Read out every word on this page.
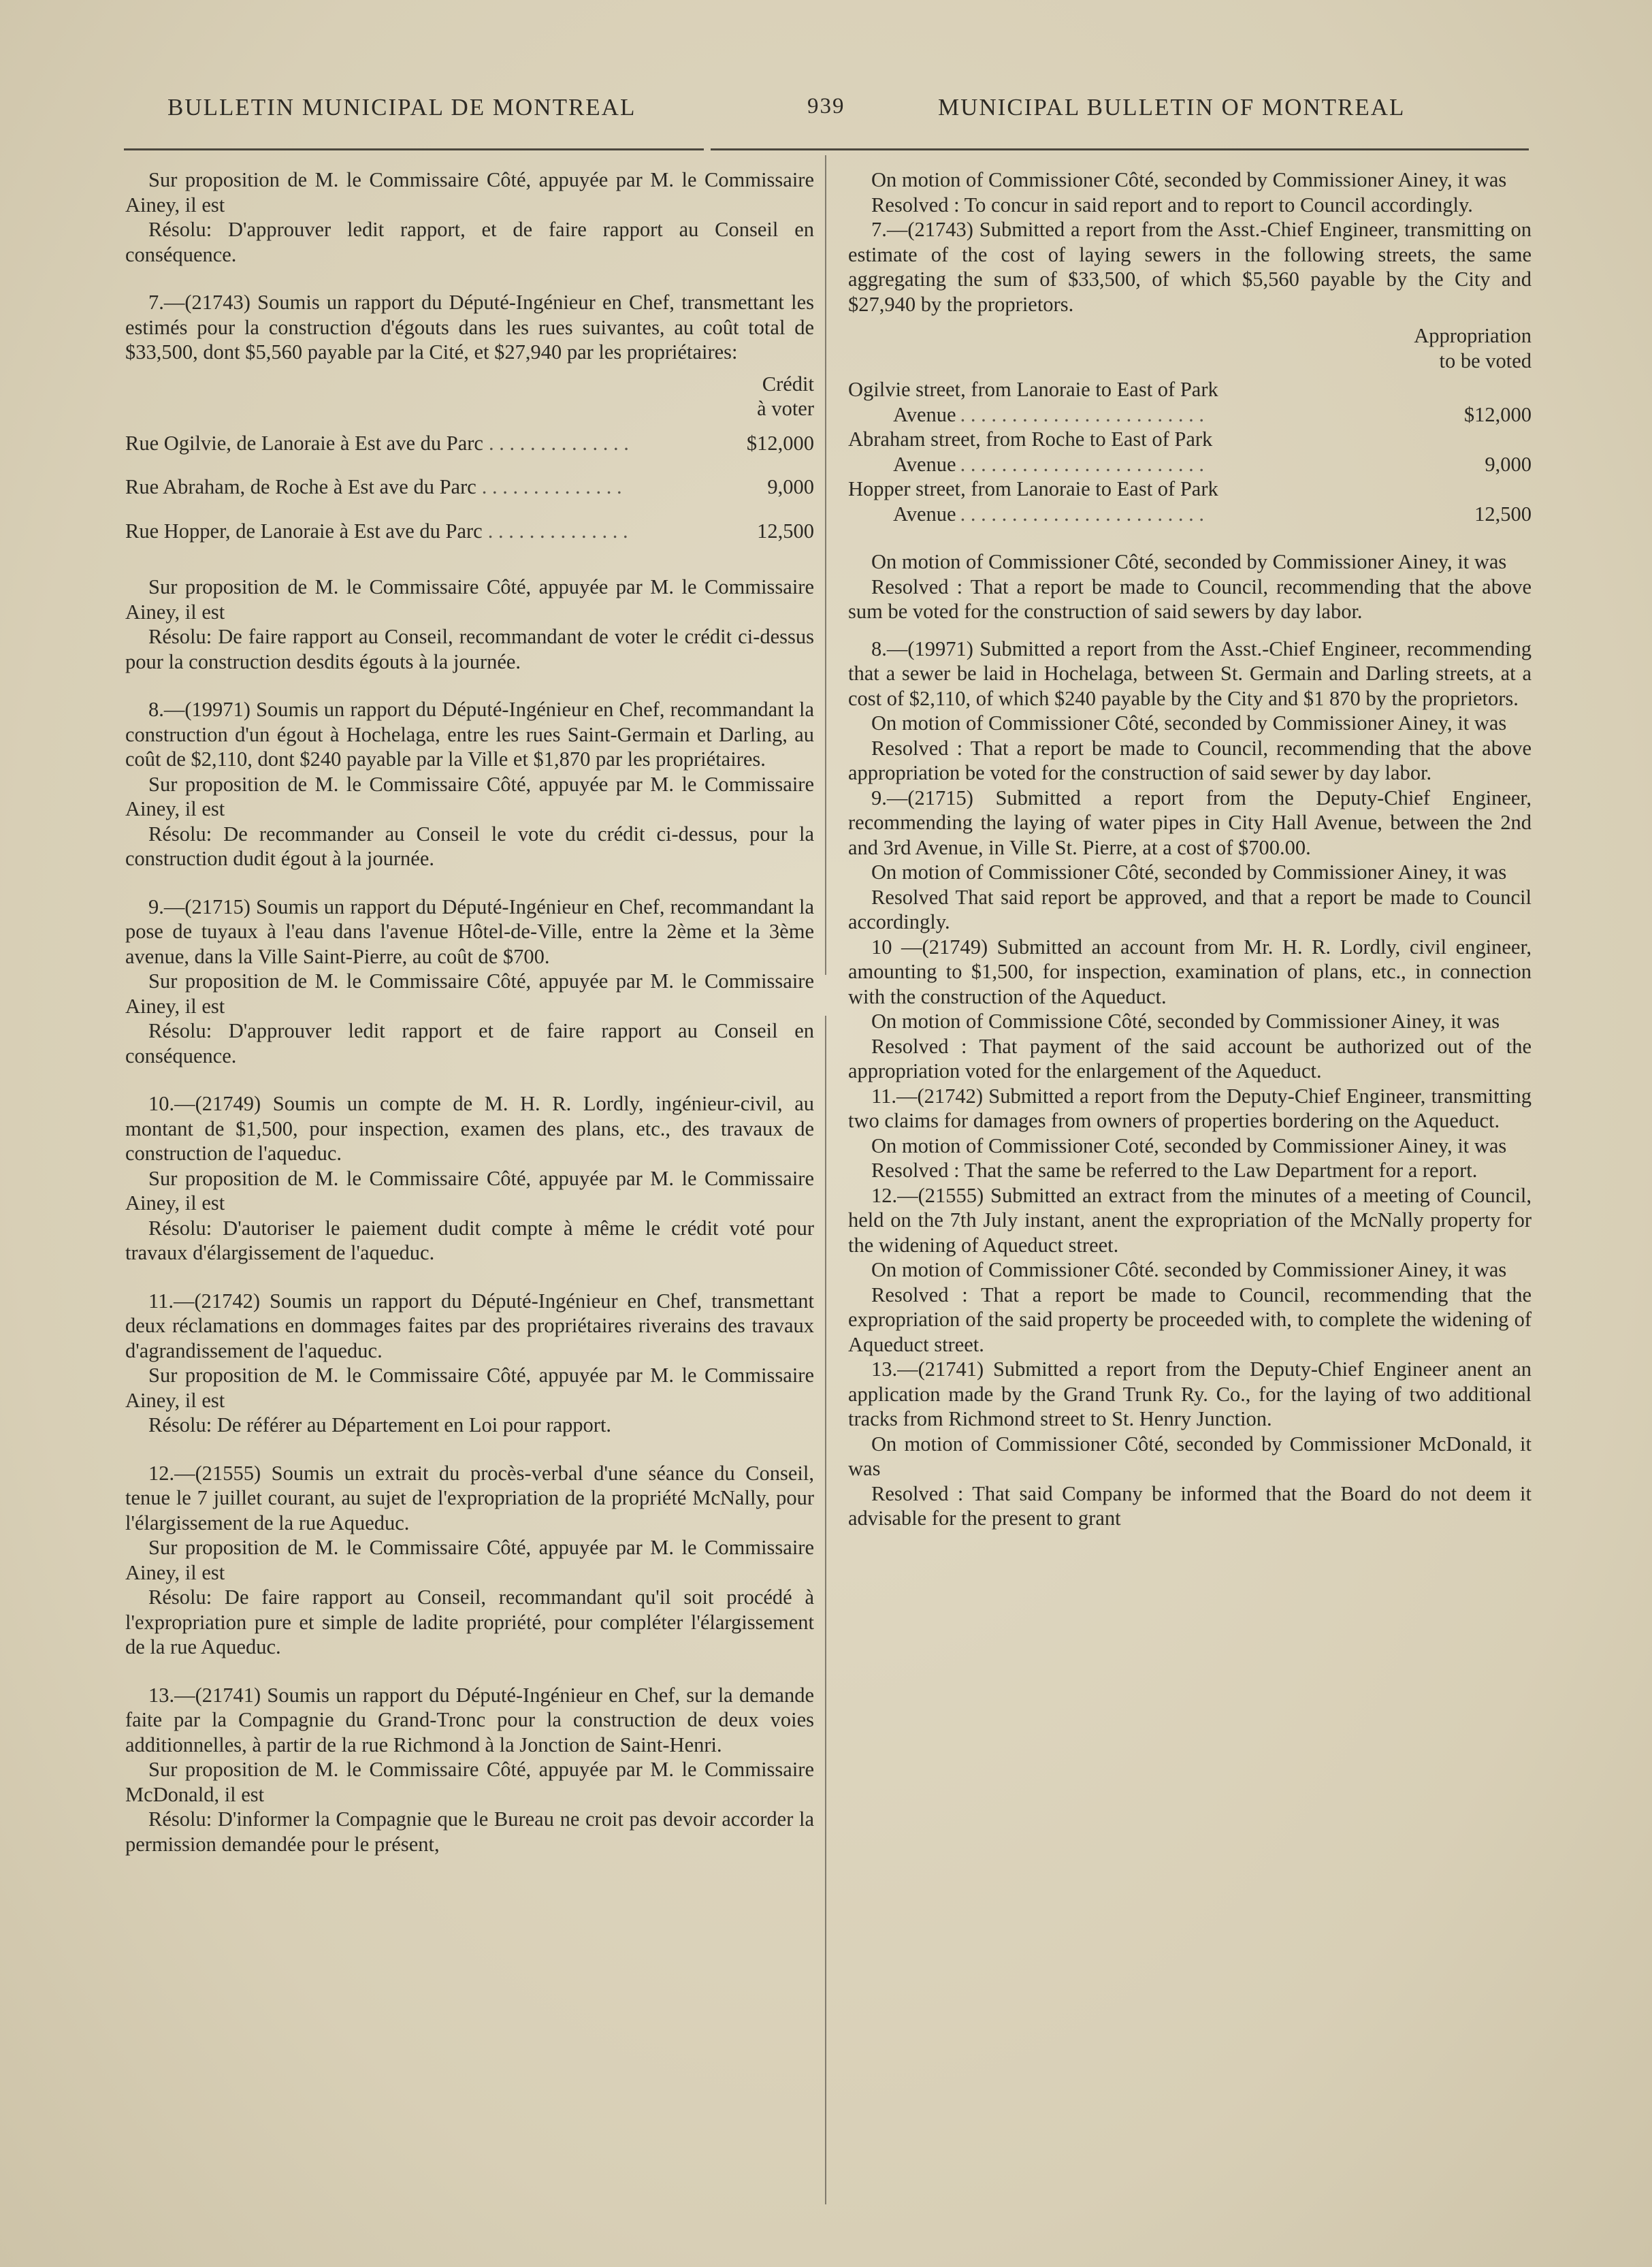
BULLETIN MUNICIPAL DE MONTREAL	939	MUNICIPAL BULLETIN OF MONTREAL

Sur proposition de M. le Commissaire Côté, appuyée par M. le Commissaire Ainey, il est

Résolu: D'approuver ledit rapport, et de faire rapport au Conseil en conséquence.

7.—(21743) Soumis un rapport du Député-Ingénieur en Chef, transmettant les estimés pour la construction d'égouts dans les rues suivantes, au coût total de $33,500, dont $5,560 payable par la Cité, et $27,940 par les propriétaires:

Crédit
à voter
Rue Ogilvie, de Lanoraie à Est ave du Parc . . . . . . . . . . . . . .	$12,000
Rue Abraham, de Roche à Est ave du Parc . . . . . . . . . . . . . .	9,000
Rue Hopper, de Lanoraie à Est ave du Parc . . . . . . . . . . . . . .	12,500

Sur proposition de M. le Commissaire Côté, appuyée par M. le Commissaire Ainey, il est

Résolu: De faire rapport au Conseil, recommandant de voter le crédit ci-dessus pour la construction desdits égouts à la journée.

8.—(19971) Soumis un rapport du Député-Ingénieur en Chef, recommandant la construction d'un égout à Hochelaga, entre les rues Saint-Germain et Darling, au coût de $2,110, dont $240 payable par la Ville et $1,870 par les propriétaires.

Sur proposition de M. le Commissaire Côté, appuyée par M. le Commissaire Ainey, il est

Résolu: De recommander au Conseil le vote du crédit ci-dessus, pour la construction dudit égout à la journée.

9.—(21715) Soumis un rapport du Député-Ingénieur en Chef, recommandant la pose de tuyaux à l'eau dans l'avenue Hôtel-de-Ville, entre la 2ème et la 3ème avenue, dans la Ville Saint-Pierre, au coût de $700.

Sur proposition de M. le Commissaire Côté, appuyée par M. le Commissaire Ainey, il est

Résolu: D'approuver ledit rapport et de faire rapport au Conseil en conséquence.

10.—(21749) Soumis un compte de M. H. R. Lordly, ingénieur-civil, au montant de $1,500, pour inspection, examen des plans, etc., des travaux de construction de l'aqueduc.

Sur proposition de M. le Commissaire Côté, appuyée par M. le Commissaire Ainey, il est

Résolu: D'autoriser le paiement dudit compte à même le crédit voté pour travaux d'élargissement de l'aqueduc.

11.—(21742) Soumis un rapport du Député-Ingénieur en Chef, transmettant deux réclamations en dommages faites par des propriétaires riverains des travaux d'agrandissement de l'aqueduc.

Sur proposition de M. le Commissaire Côté, appuyée par M. le Commissaire Ainey, il est

Résolu: De référer au Département en Loi pour rapport.

12.—(21555) Soumis un extrait du procès-verbal d'une séance du Conseil, tenue le 7 juillet courant, au sujet de l'expropriation de la propriété McNally, pour l'élargissement de la rue Aqueduc.

Sur proposition de M. le Commissaire Côté, appuyée par M. le Commissaire Ainey, il est

Résolu: De faire rapport au Conseil, recommandant qu'il soit procédé à l'expropriation pure et simple de ladite propriété, pour compléter l'élargissement de la rue Aqueduc.

13.—(21741) Soumis un rapport du Député-Ingénieur en Chef, sur la demande faite par la Compagnie du Grand-Tronc pour la construction de deux voies additionnelles, à partir de la rue Richmond à la Jonction de Saint-Henri.

Sur proposition de M. le Commissaire Côté, appuyée par M. le Commissaire McDonald, il est

Résolu: D'informer la Compagnie que le Bureau ne croit pas devoir accorder la permission demandée pour le présent,

On motion of Commissioner Côté, seconded by Commissioner Ainey, it was

Resolved : To concur in said report and to report to Council accordingly.

7.—(21743) Submitted a report from the Asst.-Chief Engineer, transmitting on estimate of the cost of laying sewers in the following streets, the same aggregating the sum of $33,500, of which $5,560 payable by the City and $27,940 by the proprietors.

Appropriation
to be voted

Ogilvie street, from Lanoraie to East of Park

Avenue . . . . . . . . . . . . . . . . . . . . . . . .	$12,000

Abraham street, from Roche to East of Park

Avenue . . . . . . . . . . . . . . . . . . . . . . . .	9,000

Hopper street, from Lanoraie to East of Park

Avenue . . . . . . . . . . . . . . . . . . . . . . . .	12,500

On motion of Commissioner Côté, seconded by Commissioner Ainey, it was

Resolved : That a report be made to Council, recommending that the above sum be voted for the construction of said sewers by day labor.

8.—(19971) Submitted a report from the Asst.-Chief Engineer, recommending that a sewer be laid in Hochelaga, between St. Germain and Darling streets, at a cost of $2,110, of which $240 payable by the City and $1 870 by the proprietors.

On motion of Commissioner Côté, seconded by Commissioner Ainey, it was

Resolved : That a report be made to Council, recommending that the above appropriation be voted for the construction of said sewer by day labor.

9.—(21715) Submitted a report from the Deputy-Chief Engineer, recommending the laying of water pipes in City Hall Avenue, between the 2nd and 3rd Avenue, in Ville St. Pierre, at a cost of $700.00.

On motion of Commissioner Côté, seconded by Commissioner Ainey, it was

Resolved That said report be approved, and that a report be made to Council accordingly.

10 —(21749) Submitted an account from Mr. H. R. Lordly, civil engineer, amounting to $1,500, for inspection, examination of plans, etc., in connection with the construction of the Aqueduct.

On motion of Commissione Côté, seconded by Commissioner Ainey, it was

Resolved : That payment of the said account be authorized out of the appropriation voted for the enlargement of the Aqueduct.

11.—(21742) Submitted a report from the Deputy-Chief Engineer, transmitting two claims for damages from owners of properties bordering on the Aqueduct.

On motion of Commissioner Coté, seconded by Commissioner Ainey, it was

Resolved : That the same be referred to the Law Department for a report.

12.—(21555) Submitted an extract from the minutes of a meeting of Council, held on the 7th July instant, anent the expropriation of the McNally property for the widening of Aqueduct street.

On motion of Commissioner Côté. seconded by Commissioner Ainey, it was

Resolved : That a report be made to Council, recommending that the expropriation of the said property be proceeded with, to complete the widening of Aqueduct street.

13.—(21741) Submitted a report from the Deputy-Chief Engineer anent an application made by the Grand Trunk Ry. Co., for the laying of two additional tracks from Richmond street to St. Henry Junction.

On motion of Commissioner Côté, seconded by Commissioner McDonald, it was

Resolved : That said Company be informed that the Board do not deem it advisable for the present to grant
